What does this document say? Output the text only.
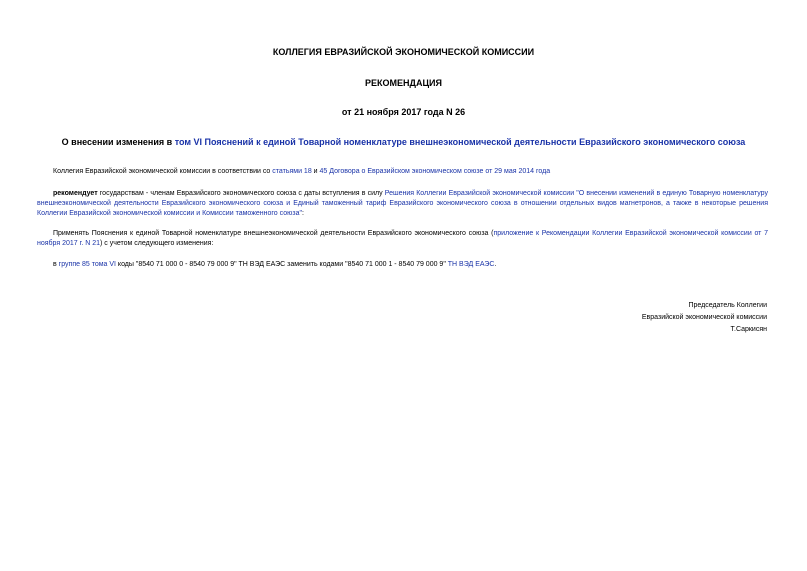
КОЛЛЕГИЯ ЕВРАЗИЙСКОЙ ЭКОНОМИЧЕСКОЙ КОМИССИИ
РЕКОМЕНДАЦИЯ
от 21 ноября 2017 года N 26
О внесении изменения в том VI Пояснений к единой Товарной номенклатуре внешнеэкономической деятельности Евразийского экономического союза
Коллегия Евразийской экономической комиссии в соответствии со статьями 18 и 45 Договора о Евразийском экономическом союзе от 29 мая 2014 года
рекомендует государствам - членам Евразийского экономического союза с даты вступления в силу Решения Коллегии Евразийской экономической комиссии "О внесении изменений в единую Товарную номенклатуру внешнеэкономической деятельности Евразийского экономического союза и Единый таможенный тариф Евразийского экономического союза в отношении отдельных видов магнетронов, а также в некоторые решения Коллегии Евразийской экономической комиссии и Комиссии таможенного союза":
Применять Пояснения к единой Товарной номенклатуре внешнеэкономической деятельности Евразийского экономического союза (приложение к Рекомендации Коллегии Евразийской экономической комиссии от 7 ноября 2017 г. N 21) с учетом следующего изменения:
в группе 85 тома VI коды "8540 71 000 0 - 8540 79 000 9" ТН ВЭД ЕАЭС заменить кодами "8540 71 000 1 - 8540 79 000 9" ТН ВЭД ЕАЭС.
Председатель Коллегии
Евразийской экономической комиссии
Т.Саркисян
